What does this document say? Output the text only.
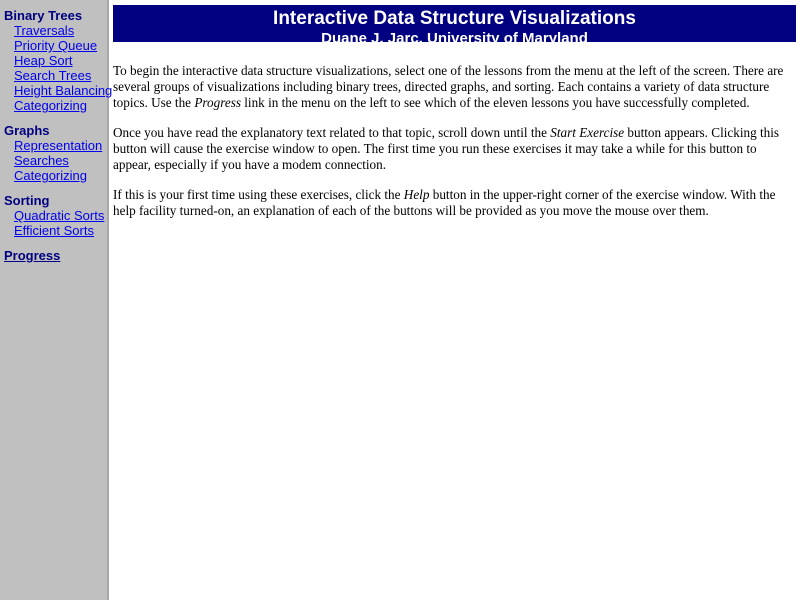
Binary Trees
Traversals
Priority Queue
Heap Sort
Search Trees
Height Balancing
Categorizing
Graphs
Representation
Searches
Categorizing
Sorting
Quadratic Sorts
Efficient Sorts
Progress
Interactive Data Structure Visualizations
Duane J. Jarc, University of Maryland

To begin the interactive data structure visualizations, select one of the lessons from the menu at the left of the screen. There are several groups of visualizations including binary trees, directed graphs, and sorting. Each contains a variety of data structure topics. Use the Progress link in the menu on the left to see which of the eleven lessons you have successfully completed.

Once you have read the explanatory text related to that topic, scroll down until the Start Exercise button appears. Clicking this button will cause the exercise window to open. The first time you run these exercises it may take a while for this button to appear, especially if you have a modem connection.

If this is your first time using these exercises, click the Help button in the upper-right corner of the exercise window. With the help facility turned-on, an explanation of each of the buttons will be provided as you move the mouse over them.
